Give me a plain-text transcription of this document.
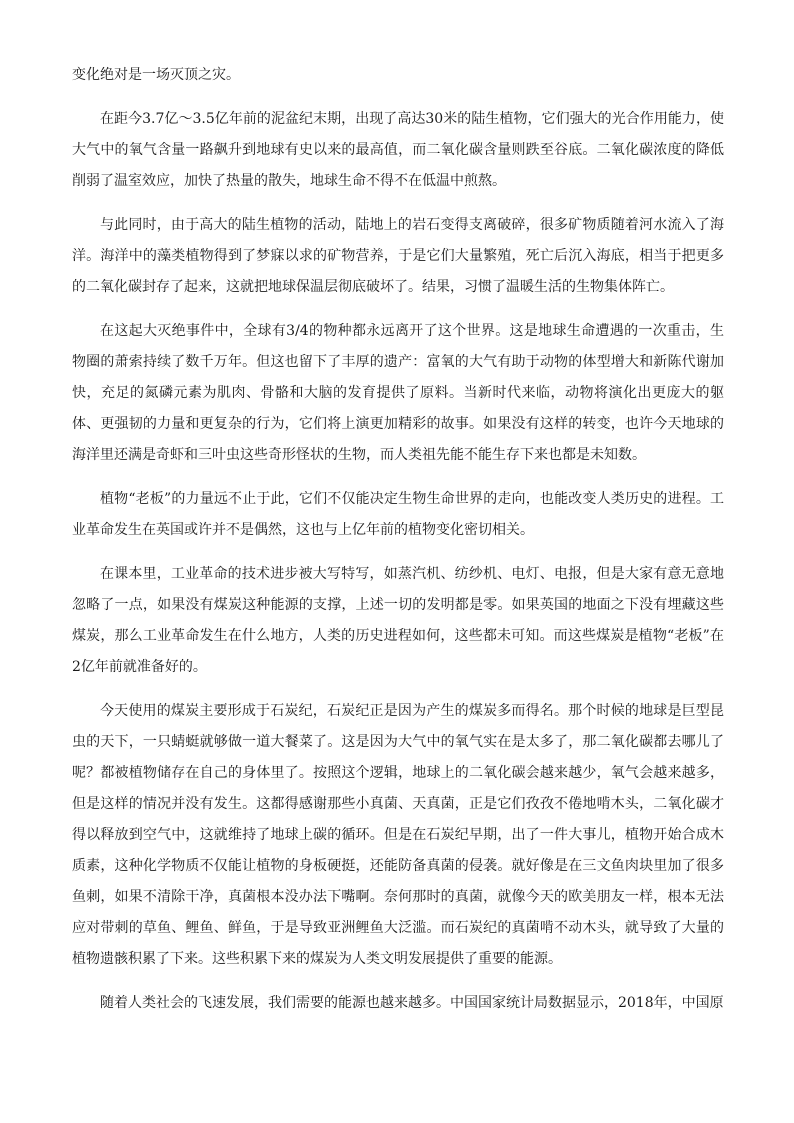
变化绝对是一场灭顶之灾。

在距今3.7亿～3.5亿年前的泥盆纪末期，出现了高达30米的陆生植物，它们强大的光合作用能力，使大气中的氧气含量一路飙升到地球有史以来的最高值，而二氧化碳含量则跌至谷底。二氧化碳浓度的降低削弱了温室效应，加快了热量的散失，地球生命不得不在低温中煎熬。

与此同时，由于高大的陆生植物的活动，陆地上的岩石变得支离破碎，很多矿物质随着河水流入了海洋。海洋中的藻类植物得到了梦寐以求的矿物营养，于是它们大量繁殖，死亡后沉入海底，相当于把更多的二氧化碳封存了起来，这就把地球保温层彻底破坏了。结果，习惯了温暖生活的生物集体阵亡。

在这起大灭绝事件中，全球有3/4的物种都永远离开了这个世界。这是地球生命遭遇的一次重击，生物圈的萧索持续了数千万年。但这也留下了丰厚的遗产：富氧的大气有助于动物的体型增大和新陈代谢加快，充足的氮磷元素为肌肉、骨骼和大脑的发育提供了原料。当新时代来临，动物将演化出更庞大的躯体、更强韧的力量和更复杂的行为，它们将上演更加精彩的故事。如果没有这样的转变，也许今天地球的海洋里还满是奇虾和三叶虫这些奇形怪状的生物，而人类祖先能不能生存下来也都是未知数。

植物“老板”的力量远不止于此，它们不仅能决定生物生命世界的走向，也能改变人类历史的进程。工业革命发生在英国或许并不是偶然，这也与上亿年前的植物变化密切相关。

在课本里，工业革命的技术进步被大写特写，如蒸汽机、纺纱机、电灯、电报，但是大家有意无意地忽略了一点，如果没有煤炭这种能源的支撑，上述一切的发明都是零。如果英国的地面之下没有埋藏这些煤炭，那么工业革命发生在什么地方，人类的历史进程如何，这些都未可知。而这些煤炭是植物“老板”在2亿年前就准备好的。

今天使用的煤炭主要形成于石炭纪，石炭纪正是因为产生的煤炭多而得名。那个时候的地球是巨型昆虫的天下，一只蜻蜓就够做一道大餐菜了。这是因为大气中的氧气实在是太多了，那二氧化碳都去哪儿了呢？都被植物储存在自己的身体里了。按照这个逻辑，地球上的二氧化碳会越来越少，氧气会越来越多，但是这样的情况并没有发生。这都得感谢那些小真菌、天真菌，正是它们孜孜不倦地啃木头，二氧化碳才得以释放到空气中，这就维持了地球上碳的循环。但是在石炭纪早期，出了一件大事儿，植物开始合成木质素，这种化学物质不仅能让植物的身板硬挺，还能防备真菌的侵袭。就好像是在三文鱼肉块里加了很多鱼刺，如果不清除干净，真菌根本没办法下嘴啊。奈何那时的真菌，就像今天的欧美朋友一样，根本无法应对带刺的草鱼、鲤鱼、鲜鱼，于是导致亚洲鲤鱼大泛滥。而石炭纪的真菌啃不动木头，就导致了大量的植物遗骸积累了下来。这些积累下来的煤炭为人类文明发展提供了重要的能源。

随着人类社会的飞速发展，我们需要的能源也越来越多。中国国家统计局数据显示，2018年，中国原
